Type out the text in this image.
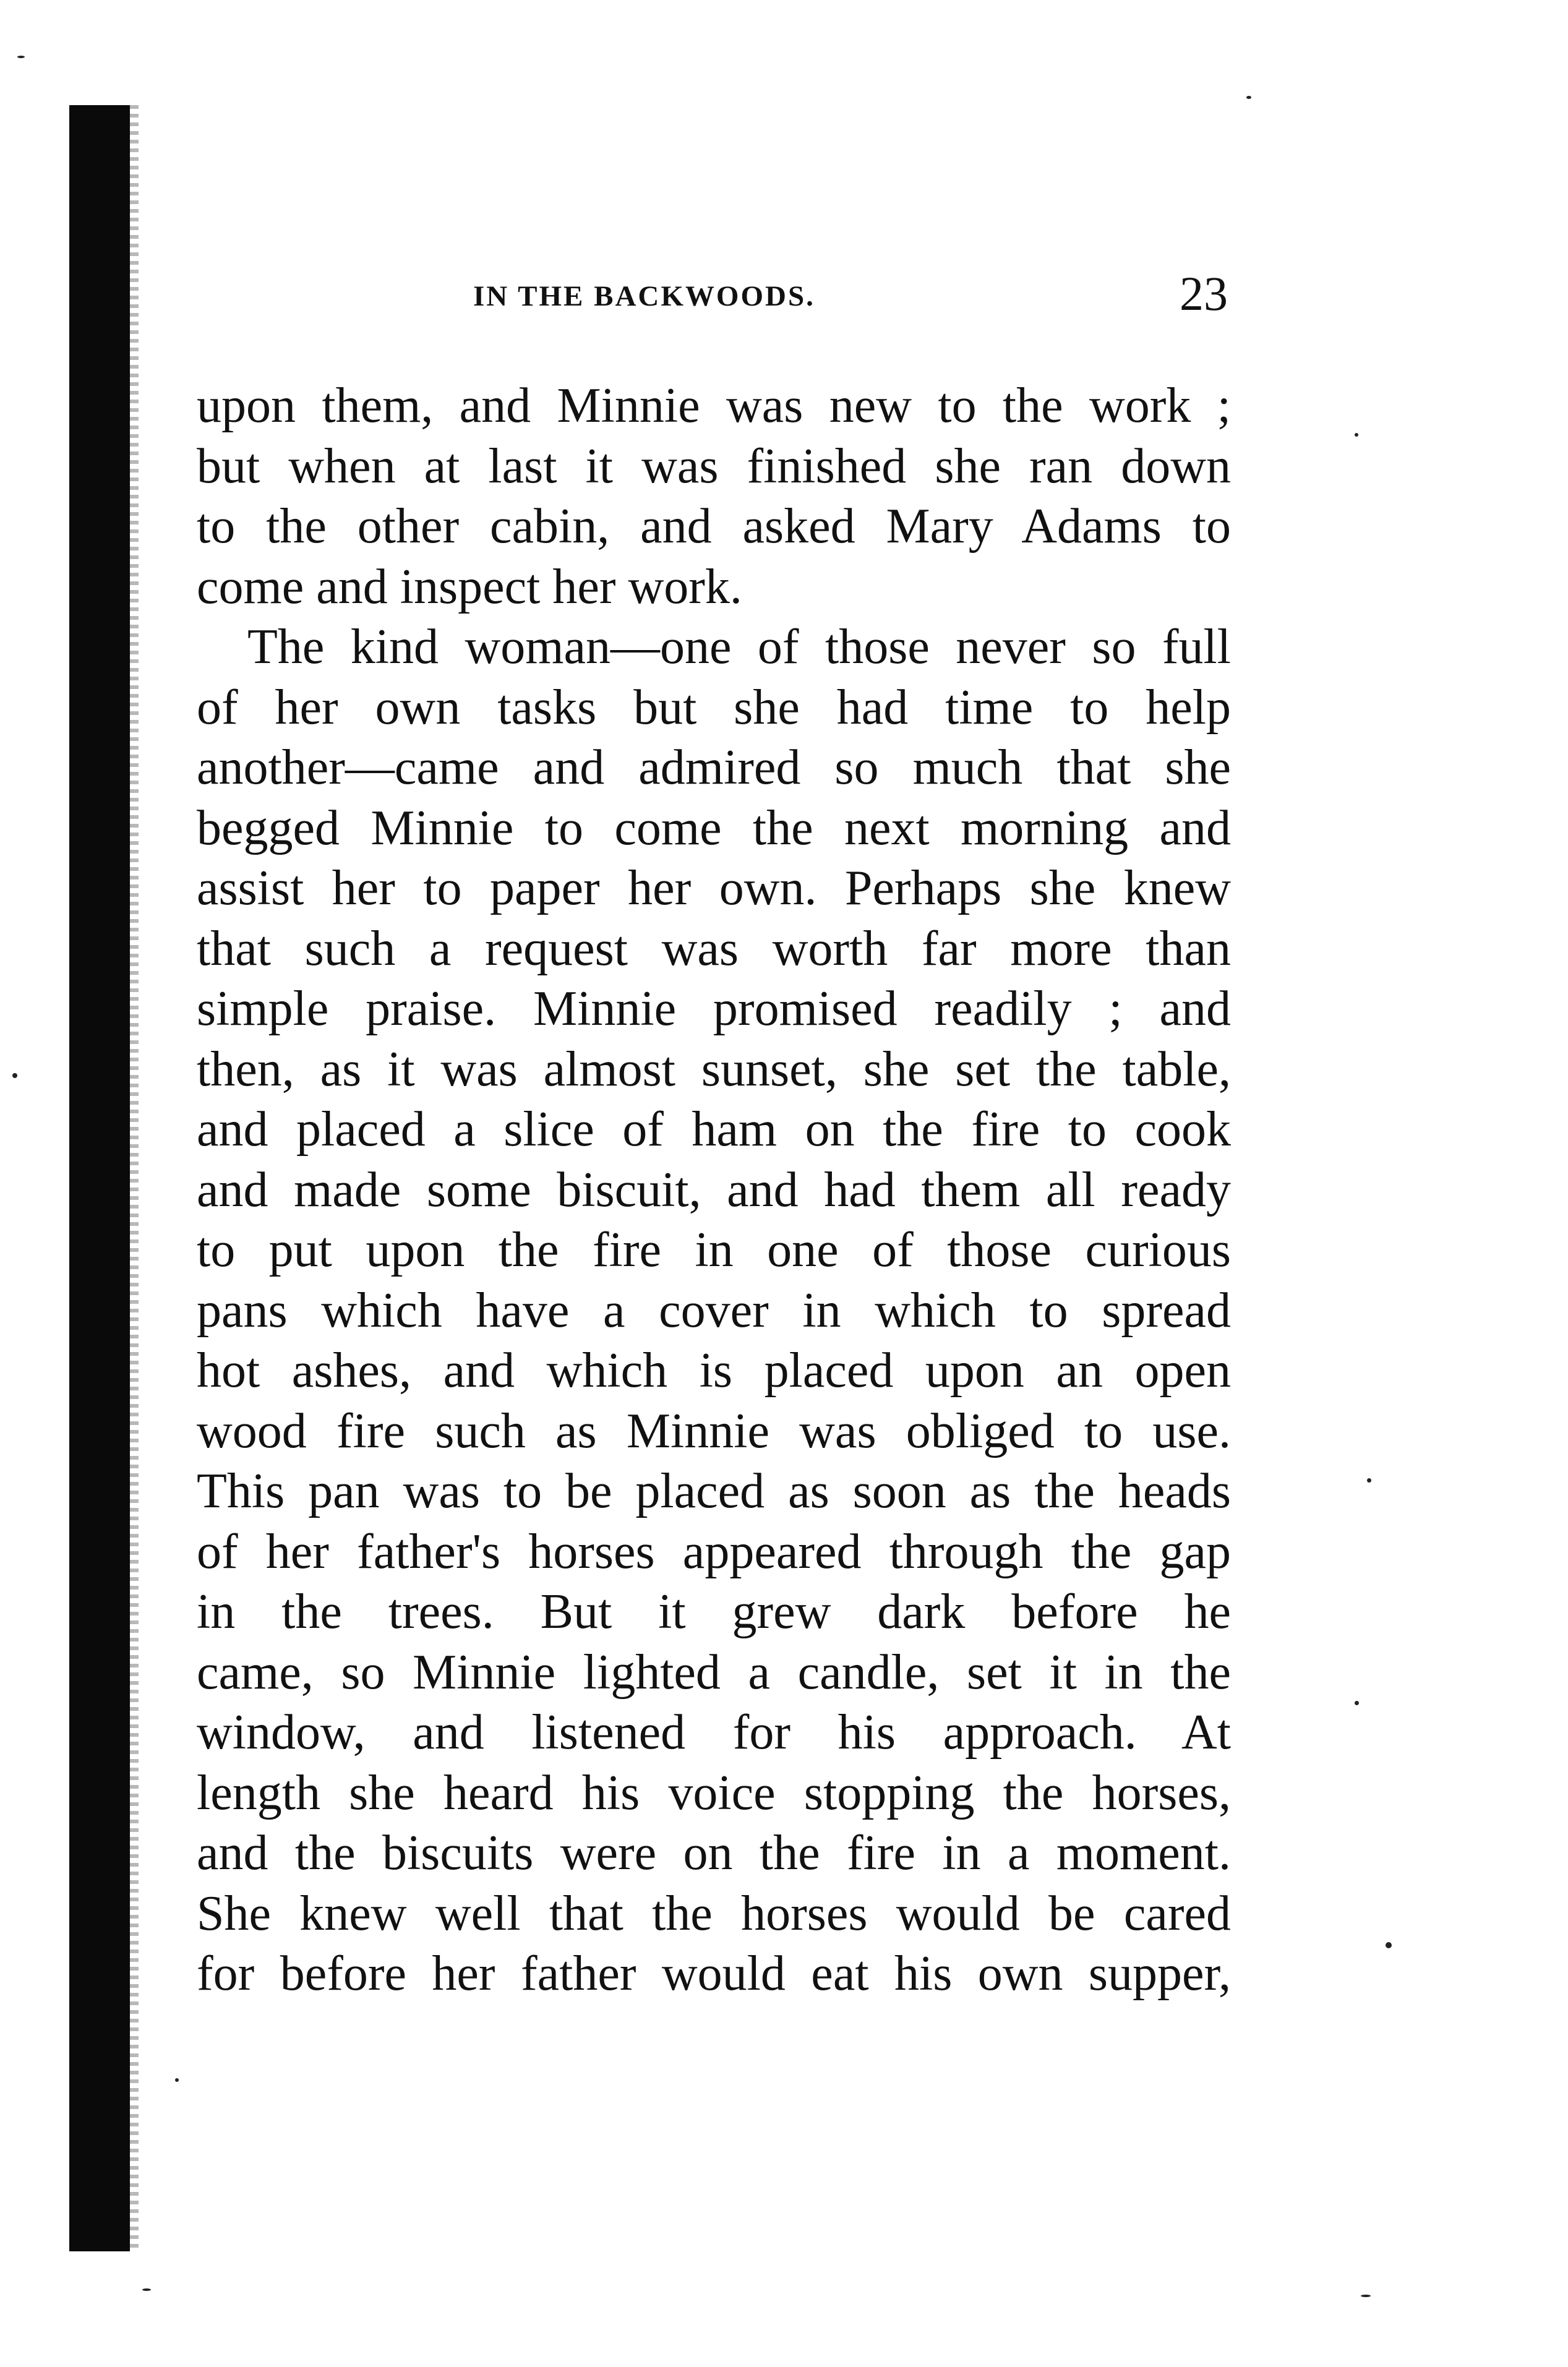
IN THE BACKWOODS.	23
upon them, and Minnie was new to the work ;
but when at last it was finished she ran down
to the other cabin, and asked Mary Adams to
come and inspect her work.
The kind woman—one of those never so full
of her own tasks but she had time to help
another—came and admired so much that she
begged Minnie to come the next morning and
assist her to paper her own. Perhaps she knew
that such a request was worth far more than
simple praise. Minnie promised readily ; and
then, as it was almost sunset, she set the table,
and placed a slice of ham on the fire to cook
and made some biscuit, and had them all ready
to put upon the fire in one of those curious
pans which have a cover in which to spread
hot ashes, and which is placed upon an open
wood fire such as Minnie was obliged to use.
This pan was to be placed as soon as the heads
of her father's horses appeared through the gap
in the trees. But it grew dark before he
came, so Minnie lighted a candle, set it in the
window, and listened for his approach. At
length she heard his voice stopping the horses,
and the biscuits were on the fire in a moment.
She knew well that the horses would be cared
for before her father would eat his own supper,
